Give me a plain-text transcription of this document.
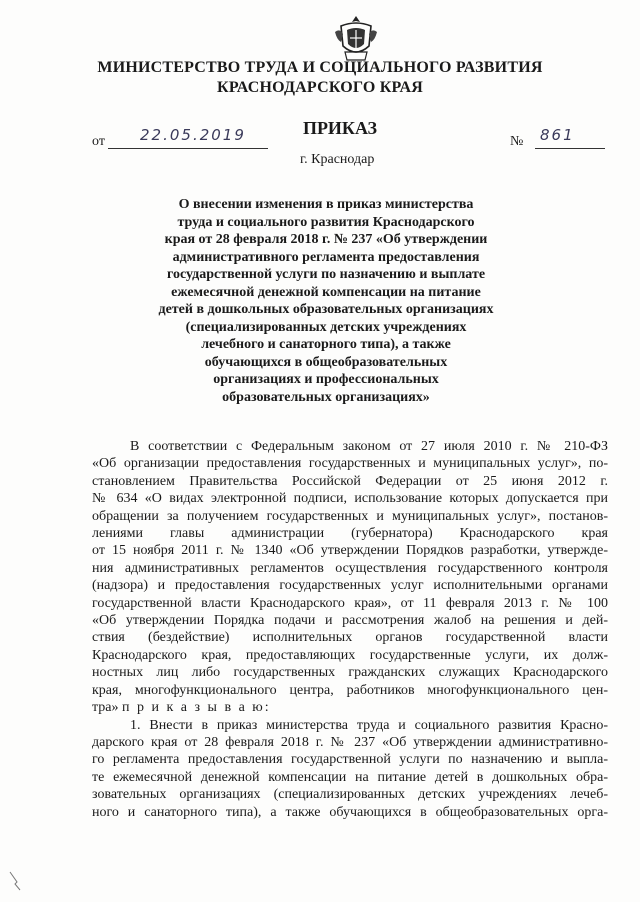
МИНИСТЕРСТВО ТРУДА И СОЦИАЛЬНОГО РАЗВИТИЯ
КРАСНОДАРСКОГО КРАЯ
ПРИКАЗ
от 22.05.2019	№ 861
г. Краснодар
О внесении изменения в приказ министерства
труда и социального развития Краснодарского
края от 28 февраля 2018 г. № 237 «Об утверждении
административного регламента предоставления
государственной услуги по назначению и выплате
ежемесячной денежной компенсации на питание
детей в дошкольных образовательных организациях
(специализированных детских учреждениях
лечебного и санаторного типа), а также
обучающихся в общеобразовательных
организациях и профессиональных
образовательных организациях»
В соответствии с Федеральным законом от 27 июля 2010 г. № 210-ФЗ
«Об организации предоставления государственных и муниципальных услуг», по-
становлением Правительства Российской Федерации от 25 июня 2012 г.
№ 634 «О видах электронной подписи, использование которых допускается при
обращении за получением государственных и муниципальных услуг», постанов-
лениями главы администрации (губернатора) Краснодарского края
от 15 ноября 2011 г. № 1340 «Об утверждении Порядков разработки, утвержде-
ния административных регламентов осуществления государственного контроля
(надзора) и предоставления государственных услуг исполнительными органами
государственной власти Краснодарского края», от 11 февраля 2013 г. № 100
«Об утверждении Порядка подачи и рассмотрения жалоб на решения и дей-
ствия (бездействие) исполнительных органов государственной власти
Краснодарского края, предоставляющих государственные услуги, их долж-
ностных лиц либо государственных гражданских служащих Краснодарского
края, многофункционального центра, работников многофункционального цен-
тра» п р и к а з ы в а ю:
1. Внести в приказ министерства труда и социального развития Красно-
дарского края от 28 февраля 2018 г. № 237 «Об утверждении административно-
го регламента предоставления государственной услуги по назначению и выпла-
те ежемесячной денежной компенсации на питание детей в дошкольных обра-
зовательных организациях (специализированных детских учреждениях лечеб-
ного и санаторного типа), а также обучающихся в общеобразовательных орга-
